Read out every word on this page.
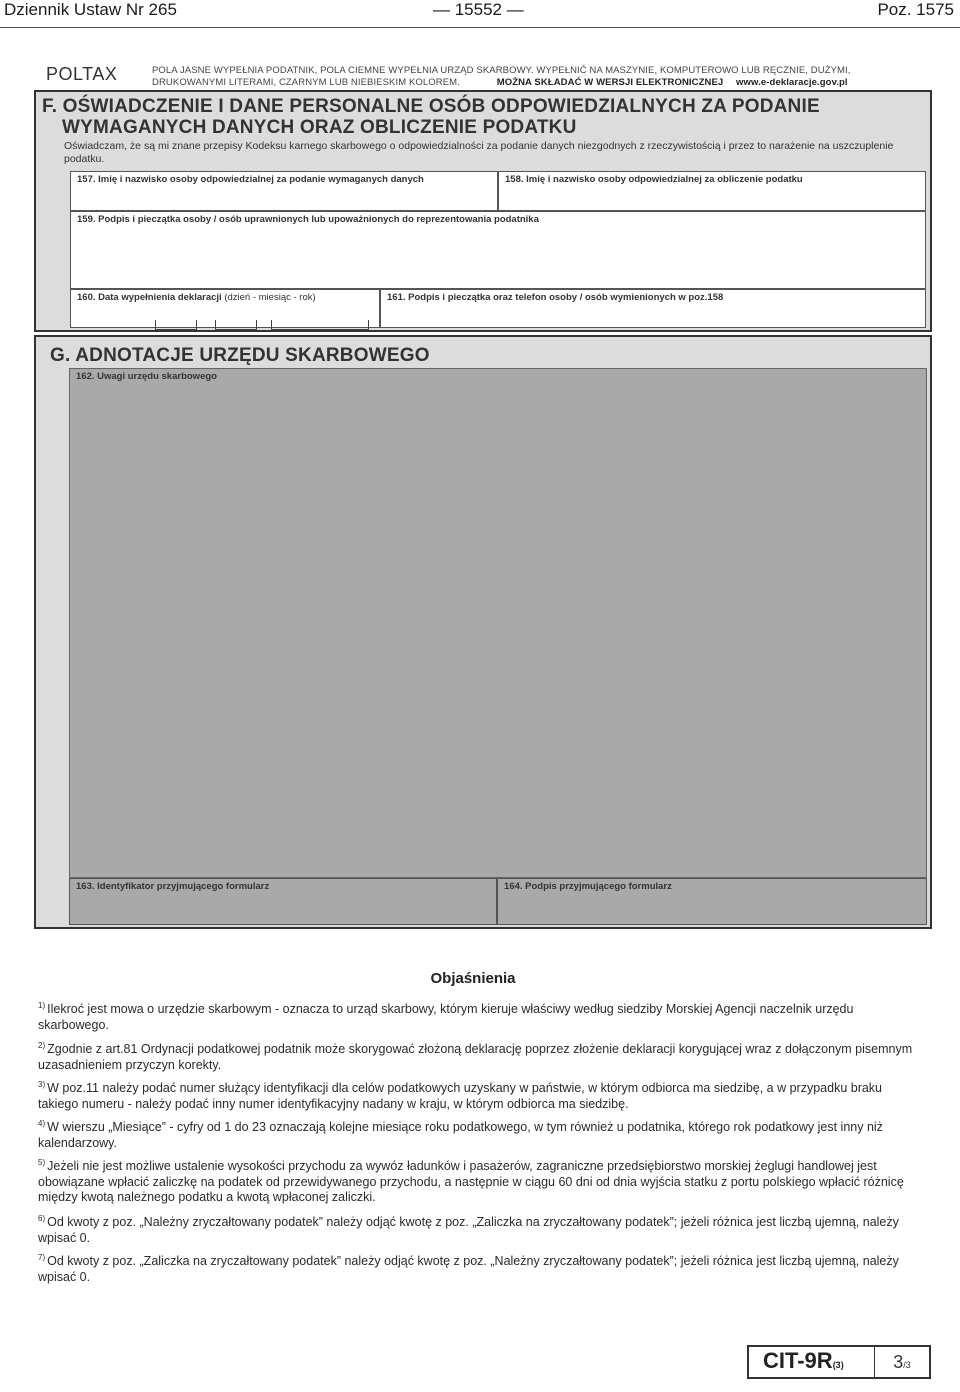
Dziennik Ustaw Nr 265	— 15552 —	Poz. 1575
POLTAX	POLA JASNE WYPEŁNIA PODATNIK, POLA CIEMNE WYPEŁNIA URZĄD SKARBOWY. WYPEŁNIĆ NA MASZYNIE, KOMPUTEROWO LUB RĘCZNIE, DUŻYMI,
DRUKOWANYMI LITERAMI, CZARNYM LUB NIEBIESKIM KOLOREM.	MOŻNA SKŁADAĆ W WERSJI ELEKTRONICZNEJ www.e-deklaracje.gov.pl
F. OŚWIADCZENIE I DANE PERSONALNE OSÓB ODPOWIEDZIALNYCH ZA PODANIE
WYMAGANYCH DANYCH ORAZ OBLICZENIE PODATKU
Oświadczam, że są mi znane przepisy Kodeksu karnego skarbowego o odpowiedzialności za podanie danych niezgodnych z rzeczywistością i przez to narażenie na uszczuplenie podatku.
157. Imię i nazwisko osoby odpowiedzialnej za podanie wymaganych danych	158. Imię i nazwisko osoby odpowiedzialnej za obliczenie podatku
159. Podpis i pieczątka osoby / osób uprawnionych lub upoważnionych do reprezentowania podatnika
160. Data wypełnienia deklaracji (dzień - miesiąc - rok)	161. Podpis i pieczątka oraz telefon osoby / osób wymienionych w poz.158
G. ADNOTACJE URZĘDU SKARBOWEGO
162. Uwagi urzędu skarbowego
163. Identyfikator przyjmującego formularz	164. Podpis przyjmującego formularz
Objaśnienia
$^{1)}$ Ilekroć jest mowa o urzędzie skarbowym - oznacza to urząd skarbowy, którym kieruje właściwy według siedziby Morskiej Agencji naczelnik urzędu skarbowego.
$^{2)}$ Zgodnie z art.81 Ordynacji podatkowej podatnik może skorygować złożoną deklarację poprzez złożenie deklaracji korygującej wraz z dołączonym pisemnym uzasadnieniem przyczyn korekty.
$^{3)}$ W poz.11 należy podać numer służący identyfikacji dla celów podatkowych uzyskany w państwie, w którym odbiorca ma siedzibę, a w przypadku braku takiego numeru - należy podać inny numer identyfikacyjny nadany w kraju, w którym odbiorca ma siedzibę.
$^{4)}$ W wierszu „Miesiące” - cyfry od 1 do 23 oznaczają kolejne miesiące roku podatkowego, w tym również u podatnika, którego rok podatkowy jest inny niż kalendarzowy.
$^{5)}$ Jeżeli nie jest możliwe ustalenie wysokości przychodu za wywóz ładunków i pasażerów, zagraniczne przedsiębiorstwo morskiej żeglugi handlowej jest obowiązane wpłacić zaliczkę na podatek od przewidywanego przychodu, a następnie w ciągu 60 dni od dnia wyjścia statku z portu polskiego wpłacić różnicę między kwotą należnego podatku a kwotą wpłaconej zaliczki.
$^{6)}$ Od kwoty z poz. „Należny zryczałtowany podatek” należy odjąć kwotę z poz. „Zaliczka na zryczałtowany podatek”; jeżeli różnica jest liczbą ujemną, należy wpisać 0.
$^{7)}$ Od kwoty z poz. „Zaliczka na zryczałtowany podatek” należy odjąć kwotę z poz. „Należny zryczałtowany podatek”; jeżeli różnica jest liczbą ujemną, należy wpisać 0.
CIT-9R(3)	3/3
